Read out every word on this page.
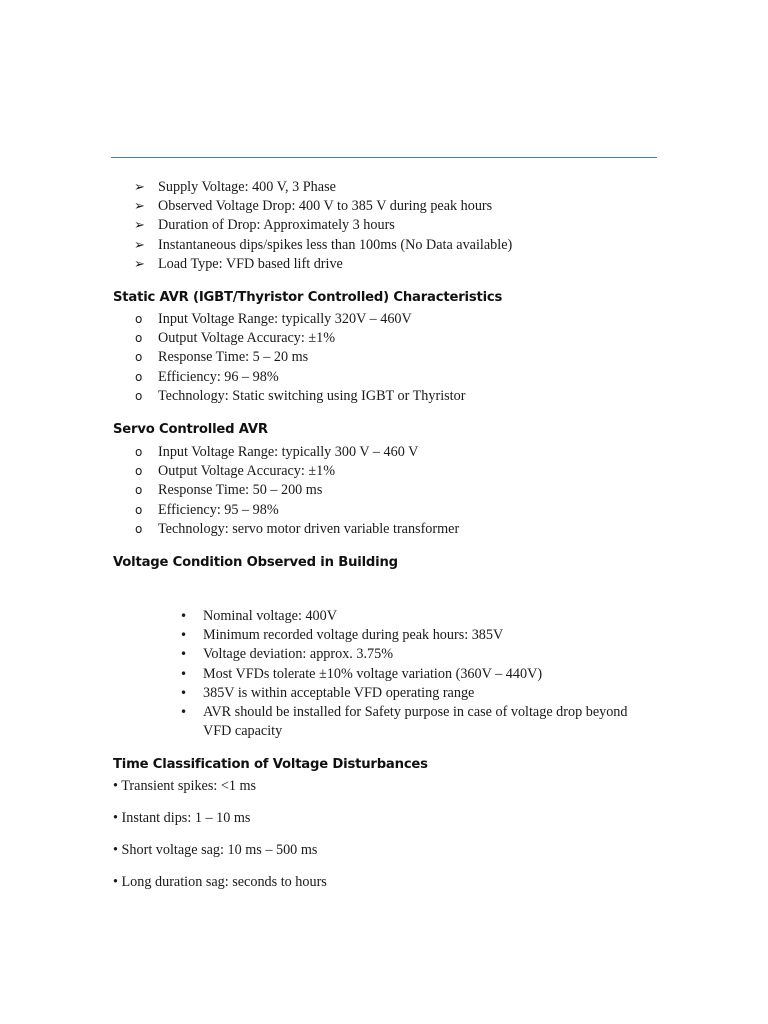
➢ Supply Voltage: 400 V, 3 Phase
➢ Observed Voltage Drop: 400 V to 385 V during peak hours
➢ Duration of Drop: Approximately 3 hours
➢ Instantaneous dips/spikes less than 100ms (No Data available)
➢ Load Type: VFD based lift drive
Static AVR (IGBT/Thyristor Controlled) Characteristics
o Input Voltage Range: typically 320V – 460V
o Output Voltage Accuracy: ±1%
o Response Time: 5 – 20 ms
o Efficiency: 96 – 98%
o Technology: Static switching using IGBT or Thyristor
Servo Controlled AVR
o Input Voltage Range: typically 300 V – 460 V
o Output Voltage Accuracy: ±1%
o Response Time: 50 – 200 ms
o Efficiency: 95 – 98%
o Technology: servo motor driven variable transformer
Voltage Condition Observed in Building
• Nominal voltage: 400V
• Minimum recorded voltage during peak hours: 385V
• Voltage deviation: approx. 3.75%
• Most VFDs tolerate ±10% voltage variation (360V – 440V)
• 385V is within acceptable VFD operating range
• AVR should be installed for Safety purpose in case of voltage drop beyond VFD capacity
Time Classification of Voltage Disturbances
• Transient spikes: <1 ms
• Instant dips: 1 – 10 ms
• Short voltage sag: 10 ms – 500 ms
• Long duration sag: seconds to hours
